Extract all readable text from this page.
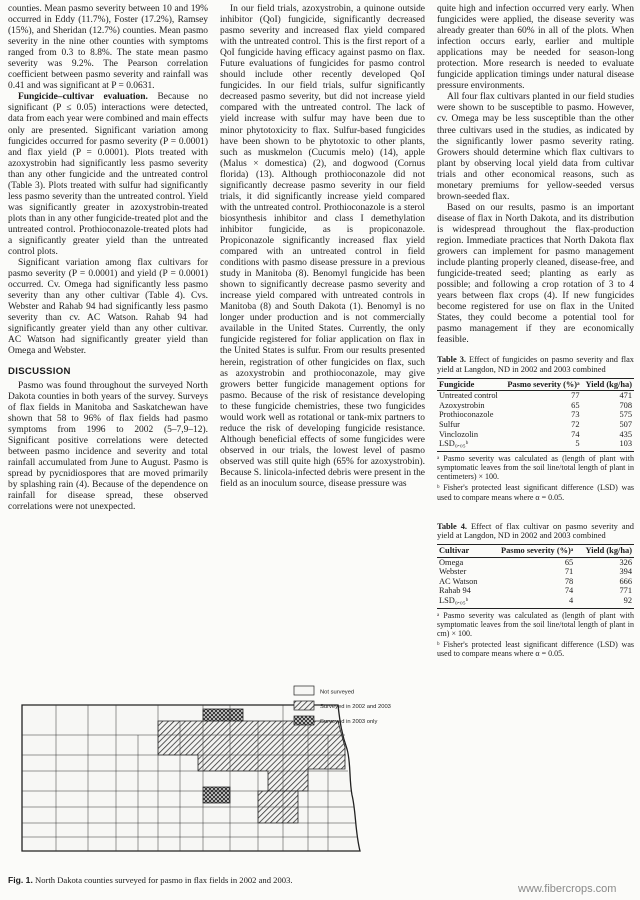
counties. Mean pasmo severity between 10 and 19% occurred in Eddy (11.7%), Foster (17.2%), Ramsey (15%), and Sheridan (12.7%) counties. Mean pasmo severity in the nine other counties with symptoms ranged from 0.3 to 8.8%. The state mean pasmo severity was 9.2%. The Pearson correlation coefficient between pasmo severity and rainfall was 0.41 and was significant at P = 0.0631.

Fungicide–cultivar evaluation. Because no significant (P ≤ 0.05) interactions were detected, data from each year were combined and main effects only are presented. Significant variation among fungicides occurred for pasmo severity (P = 0.0001) and flax yield (P = 0.0001). Plots treated with azoxystrobin had significantly less pasmo severity than any other fungicide and the untreated control (Table 3). Plots treated with sulfur had significantly less pasmo severity than the untreated control. Yield was significantly greater in azoxystrobin-treated plots than in any other fungicide-treated plot and the untreated control. Prothioconazole-treated plots had a significantly greater yield than the untreated control plots.

Significant variation among flax cultivars for pasmo severity (P = 0.0001) and yield (P = 0.0001) occurred. Cv. Omega had significantly less pasmo severity than any other cultivar (Table 4). Cvs. Webster and Rahab 94 had significantly less pasmo severity than cv. AC Watson. Rahab 94 had significantly greater yield than any other cultivar. AC Watson had significantly greater yield than Omega and Webster.

DISCUSSION

Pasmo was found throughout the surveyed North Dakota counties in both years of the survey. Surveys of flax fields in Manitoba and Saskatchewan have shown that 58 to 96% of flax fields had pasmo symptoms from 1996 to 2002 (5–7,9–12). Significant positive correlations were detected between pasmo incidence and severity and total rainfall accumulated from June to August. Pasmo is spread by pycnidiospores that are moved primarily by splashing rain (4). Because of the dependence on rainfall for disease spread, these observed correlations were not unexpected.

In our field trials, azoxystrobin, a quinone outside inhibitor (QoI) fungicide, significantly decreased pasmo severity and increased flax yield compared with the untreated control. This is the first report of a QoI fungicide having efficacy against pasmo on flax. Future evaluations of fungicides for pasmo control should include other recently developed QoI fungicides. In our field trials, sulfur significantly decreased pasmo severity, but did not increase yield compared with the untreated control. The lack of yield increase with sulfur may have been due to minor phytotoxicity to flax. Sulfur-based fungicides have been shown to be phytotoxic to other plants, such as muskmelon (Cucumis melo) (14), apple (Malus × domestica) (2), and dogwood (Cornus florida) (13). Although prothioconazole did not significantly decrease pasmo severity in our field trials, it did significantly increase yield compared with the untreated control. Prothioconazole is a sterol biosynthesis inhibitor and class I demethylation inhibitor fungicide, as is propiconazole. Propiconazole significantly increased flax yield compared with an untreated control in field conditions with pasmo disease pressure in a previous study in Manitoba (8). Benomyl fungicide has been shown to significantly decrease pasmo severity and increase yield compared with untreated controls in Manitoba (8) and South Dakota (1). Benomyl is no longer under production and is not commercially available in the United States. Currently, the only fungicide registered for foliar application on flax in the United States is sulfur. From our results presented herein, registration of other fungicides on flax, such as azoxystrobin and prothioconazole, may give growers better fungicide management options for pasmo. Because of the risk of resistance developing to these fungicide chemistries, these two fungicides would work well as rotational or tank-mix partners to reduce the risk of developing fungicide resistance. Although beneficial effects of some fungicides were observed in our trials, the lowest level of pasmo observed was still quite high (65% for azoxystrobin). Because S. linicola-infected debris were present in the field as an inoculum source, disease pressure was

quite high and infection occurred very early. When fungicides were applied, the disease severity was already greater than 60% in all of the plots. When infection occurs early, earlier and multiple applications may be needed for season-long protection. More research is needed to evaluate fungicide application timings under natural disease pressure environments.

All four flax cultivars planted in our field studies were shown to be susceptible to pasmo. However, cv. Omega may be less susceptible than the other three cultivars used in the studies, as indicated by the significantly lower pasmo severity rating. Growers should determine which flax cultivars to plant by observing local yield data from cultivar trials and other economical reasons, such as monetary premiums for yellow-seeded versus brown-seeded flax.

Based on our results, pasmo is an important disease of flax in North Dakota, and its distribution is widespread throughout the flax-production region. Immediate practices that North Dakota flax growers can implement for pasmo management include planting properly cleaned, disease-free, and fungicide-treated seed; planting as early as possible; and following a crop rotation of 3 to 4 years between flax crops (4). If new fungicides become registered for use on flax in the United States, they could become a potential tool for pasmo management if they are economically feasible.

Table 3. Effect of fungicides on pasmo severity and flax yield at Langdon, ND in 2002 and 2003 combined
Fungicide	Pasmo severity (%)ᵃ	Yield (kg/ha)
Untreated control	77	471
Azoxystrobin	65	708
Prothioconazole	73	575
Sulfur	72	507
Vinclozolin	74	435
LSD₀.₀₅ᵇ	5	103
ᵃ Pasmo severity was calculated as (length of plant with symptomatic leaves from the soil line/total length of plant in centimeters) × 100.
ᵇ Fisher's protected least significant difference (LSD) was used to compare means where α = 0.05.
Table 4. Effect of flax cultivar on pasmo severity and yield at Langdon, ND in 2002 and 2003 combined
Cultivar	Pasmo severity (%)ᵃ	Yield (kg/ha)
Omega	65	326
Webster	71	394
AC Watson	78	666
Rahab 94	74	771
LSD₀.₀₅ᵇ	4	92
ᵃ Pasmo severity was calculated as (length of plant with symptomatic leaves from the soil line/total length of plant in cm) × 100.
ᵇ Fisher's protected least significant difference (LSD) was used to compare means where α = 0.05.
Not surveyed
Surveyed in 2002 and 2003
Surveyed in 2003 only
Fig. 1. North Dakota counties surveyed for pasmo in flax fields in 2002 and 2003.
www.fibercrops.com
